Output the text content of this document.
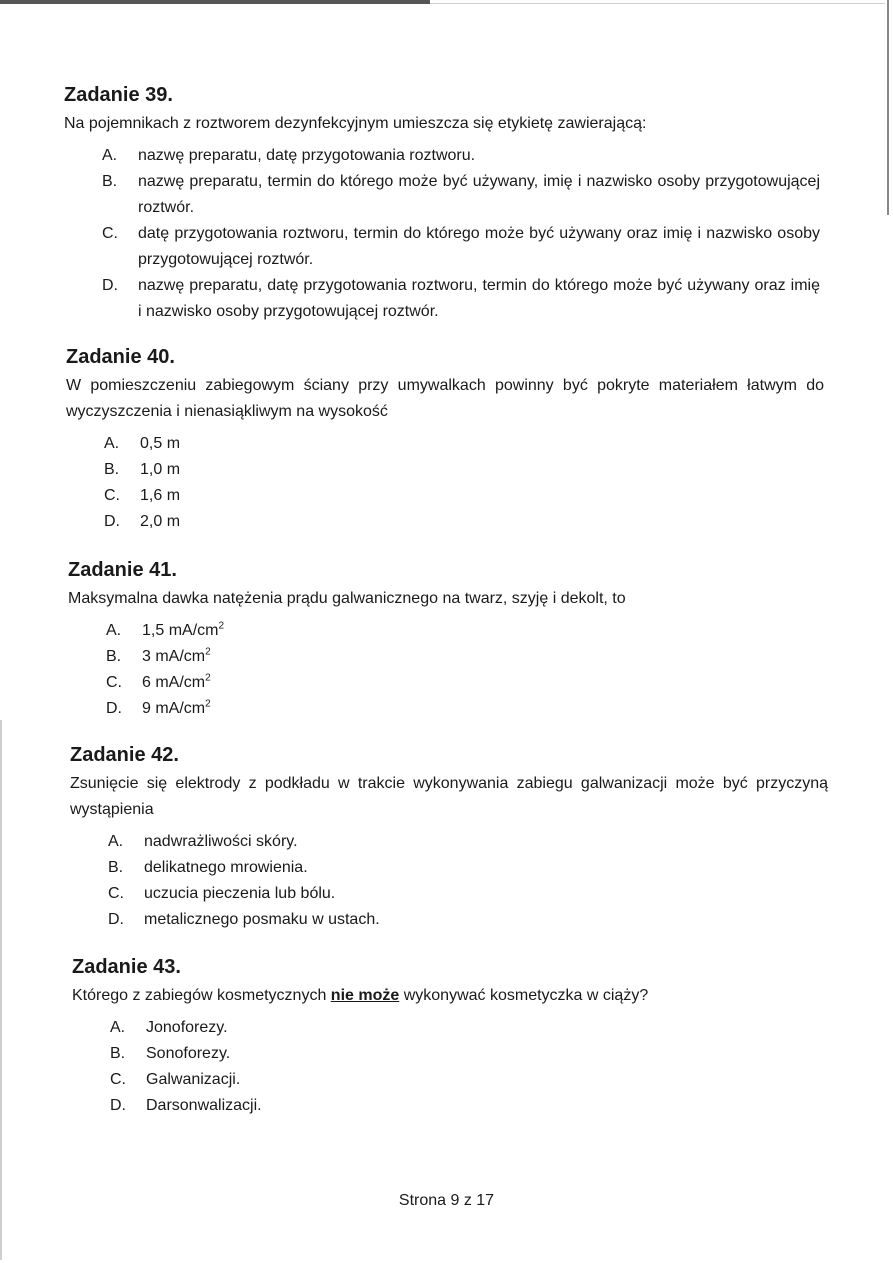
Zadanie 39.

Na pojemnikach z roztworem dezynfekcyjnym umieszcza się etykietę zawierającą:

A.	nazwę preparatu, datę przygotowania roztworu.
B.	nazwę preparatu, termin do którego może być używany, imię i nazwisko osoby przygotowującej roztwór.
C.	datę przygotowania roztworu, termin do którego może być używany oraz imię i nazwisko osoby przygotowującej roztwór.
D.	nazwę preparatu, datę przygotowania roztworu, termin do którego może być używany oraz imię i nazwisko osoby przygotowującej roztwór.
Zadanie 40.

W pomieszczeniu zabiegowym ściany przy umywalkach powinny być pokryte materiałem łatwym do wyczyszczenia i nienasiąkliwym na wysokość

A.	0,5 m
B.	1,0 m
C.	1,6 m
D.	2,0 m
Zadanie 41.

Maksymalna dawka natężenia prądu galwanicznego na twarz, szyję i dekolt, to

A.	1,5 $mA/cm^2$
B.	3 $mA/cm^2$
C.	6 $mA/cm^2$
D.	9 $mA/cm^2$
Zadanie 42.

Zsunięcie się elektrody z podkładu w trakcie wykonywania zabiegu galwanizacji może być przyczyną wystąpienia

A.	nadwrażliwości skóry.
B.	delikatnego mrowienia.
C.	uczucia pieczenia lub bólu.
D.	metalicznego posmaku w ustach.
Zadanie 43.

Którego z zabiegów kosmetycznych nie może wykonywać kosmetyczka w ciąży?

A.	Jonoforezy.
B.	Sonoforezy.
C.	Galwanizacji.
D.	Darsonwalizacji.
Strona 9 z 17
